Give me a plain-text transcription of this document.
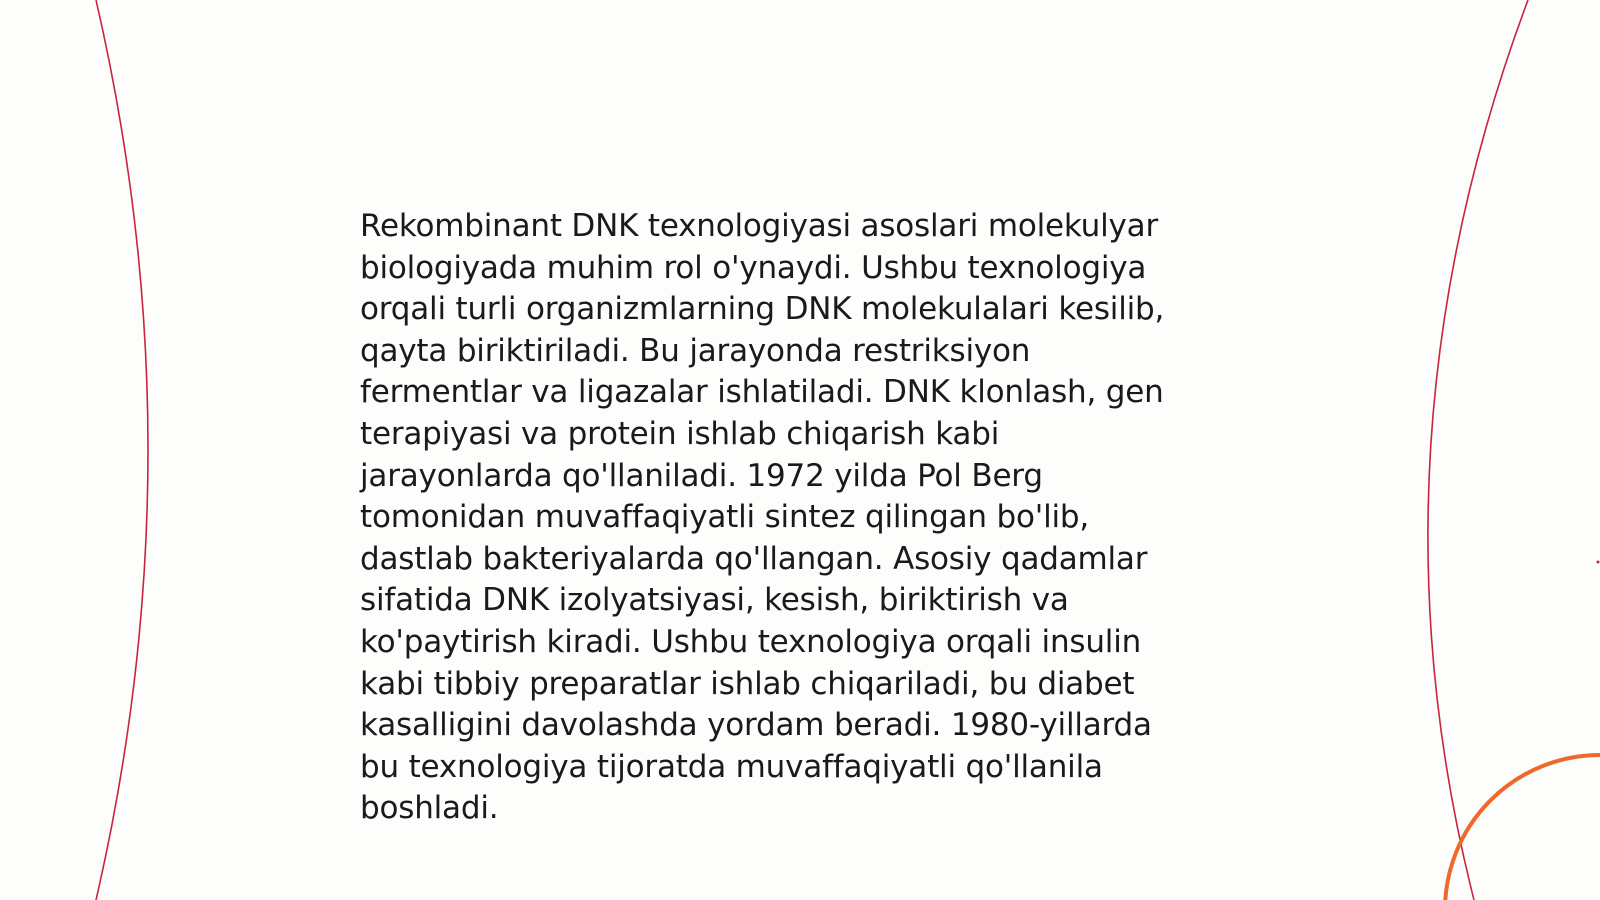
Rekombinant DNK texnologiyasi asoslari molekulyar
biologiyada muhim rol o'ynaydi. Ushbu texnologiya
orqali turli organizmlarning DNK molekulalari kesilib,
qayta biriktiriladi. Bu jarayonda restriksiyon
fermentlar va ligazalar ishlatiladi. DNK klonlash, gen
terapiyasi va protein ishlab chiqarish kabi
jarayonlarda qo'llaniladi. 1972 yilda Pol Berg
tomonidan muvaffaqiyatli sintez qilingan bo'lib,
dastlab bakteriyalarda qo'llangan. Asosiy qadamlar
sifatida DNK izolyatsiyasi, kesish, biriktirish va
ko'paytirish kiradi. Ushbu texnologiya orqali insulin
kabi tibbiy preparatlar ishlab chiqariladi, bu diabet
kasalligini davolashda yordam beradi. 1980-yillarda
bu texnologiya tijoratda muvaffaqiyatli qo'llanila
boshladi.
